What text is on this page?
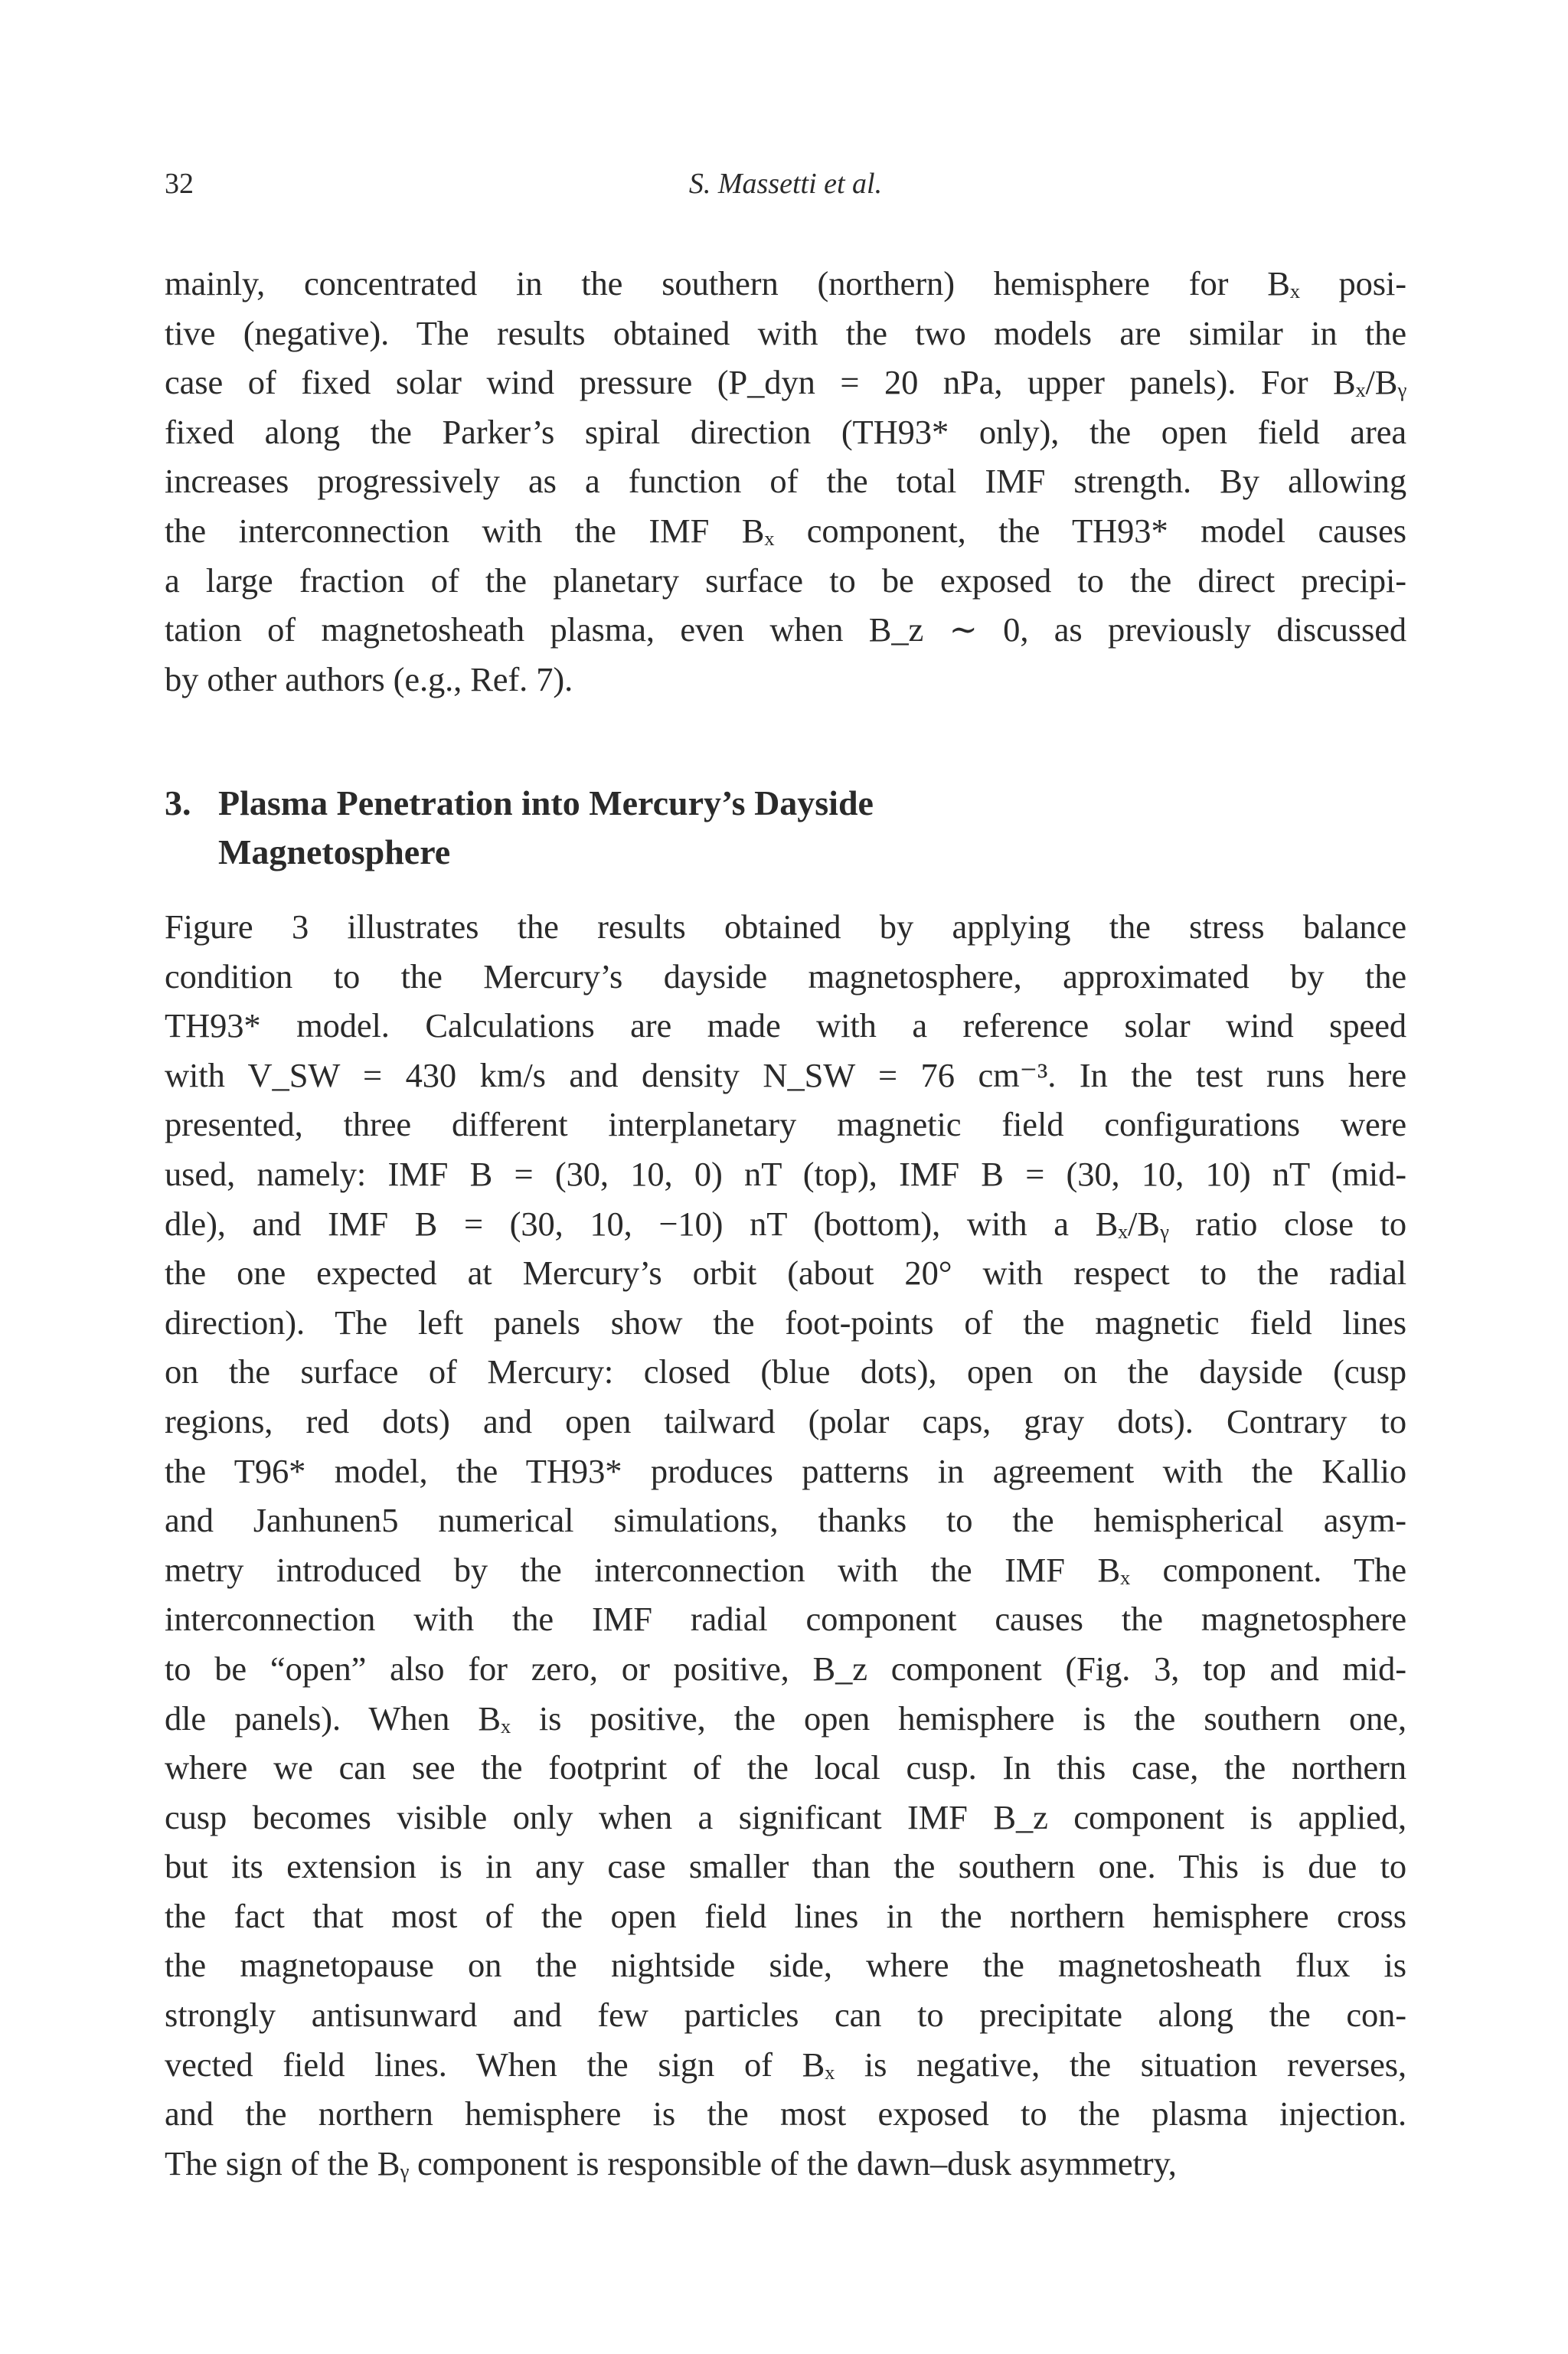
32	S. Massetti et al.
mainly, concentrated in the southern (northern) hemisphere for Bₓ posi-
tive (negative). The results obtained with the two models are similar in the
case of fixed solar wind pressure (P_dyn = 20 nPa, upper panels). For Bₓ/Bᵧ
fixed along the Parker’s spiral direction (TH93* only), the open field area
increases progressively as a function of the total IMF strength. By allowing
the interconnection with the IMF Bₓ component, the TH93* model causes
a large fraction of the planetary surface to be exposed to the direct precipi-
tation of magnetosheath plasma, even when B_z ∼ 0, as previously discussed
by other authors (e.g., Ref. 7).
3. Plasma Penetration into Mercury’s Dayside
Magnetosphere
Figure 3 illustrates the results obtained by applying the stress balance
condition to the Mercury’s dayside magnetosphere, approximated by the
TH93* model. Calculations are made with a reference solar wind speed
with V_SW = 430 km/s and density N_SW = 76 cm⁻³. In the test runs here
presented, three different interplanetary magnetic field configurations were
used, namely: IMF B = (30, 10, 0) nT (top), IMF B = (30, 10, 10) nT (mid-
dle), and IMF B = (30, 10, −10) nT (bottom), with a Bₓ/Bᵧ ratio close to
the one expected at Mercury’s orbit (about 20° with respect to the radial
direction). The left panels show the foot-points of the magnetic field lines
on the surface of Mercury: closed (blue dots), open on the dayside (cusp
regions, red dots) and open tailward (polar caps, gray dots). Contrary to
the T96* model, the TH93* produces patterns in agreement with the Kallio
and Janhunen5 numerical simulations, thanks to the hemispherical asym-
metry introduced by the interconnection with the IMF Bₓ component. The
interconnection with the IMF radial component causes the magnetosphere
to be “open” also for zero, or positive, B_z component (Fig. 3, top and mid-
dle panels). When Bₓ is positive, the open hemisphere is the southern one,
where we can see the footprint of the local cusp. In this case, the northern
cusp becomes visible only when a significant IMF B_z component is applied,
but its extension is in any case smaller than the southern one. This is due to
the fact that most of the open field lines in the northern hemisphere cross
the magnetopause on the nightside side, where the magnetosheath flux is
strongly antisunward and few particles can to precipitate along the con-
vected field lines. When the sign of Bₓ is negative, the situation reverses,
and the northern hemisphere is the most exposed to the plasma injection.
The sign of the Bᵧ component is responsible of the dawn–dusk asymmetry,
